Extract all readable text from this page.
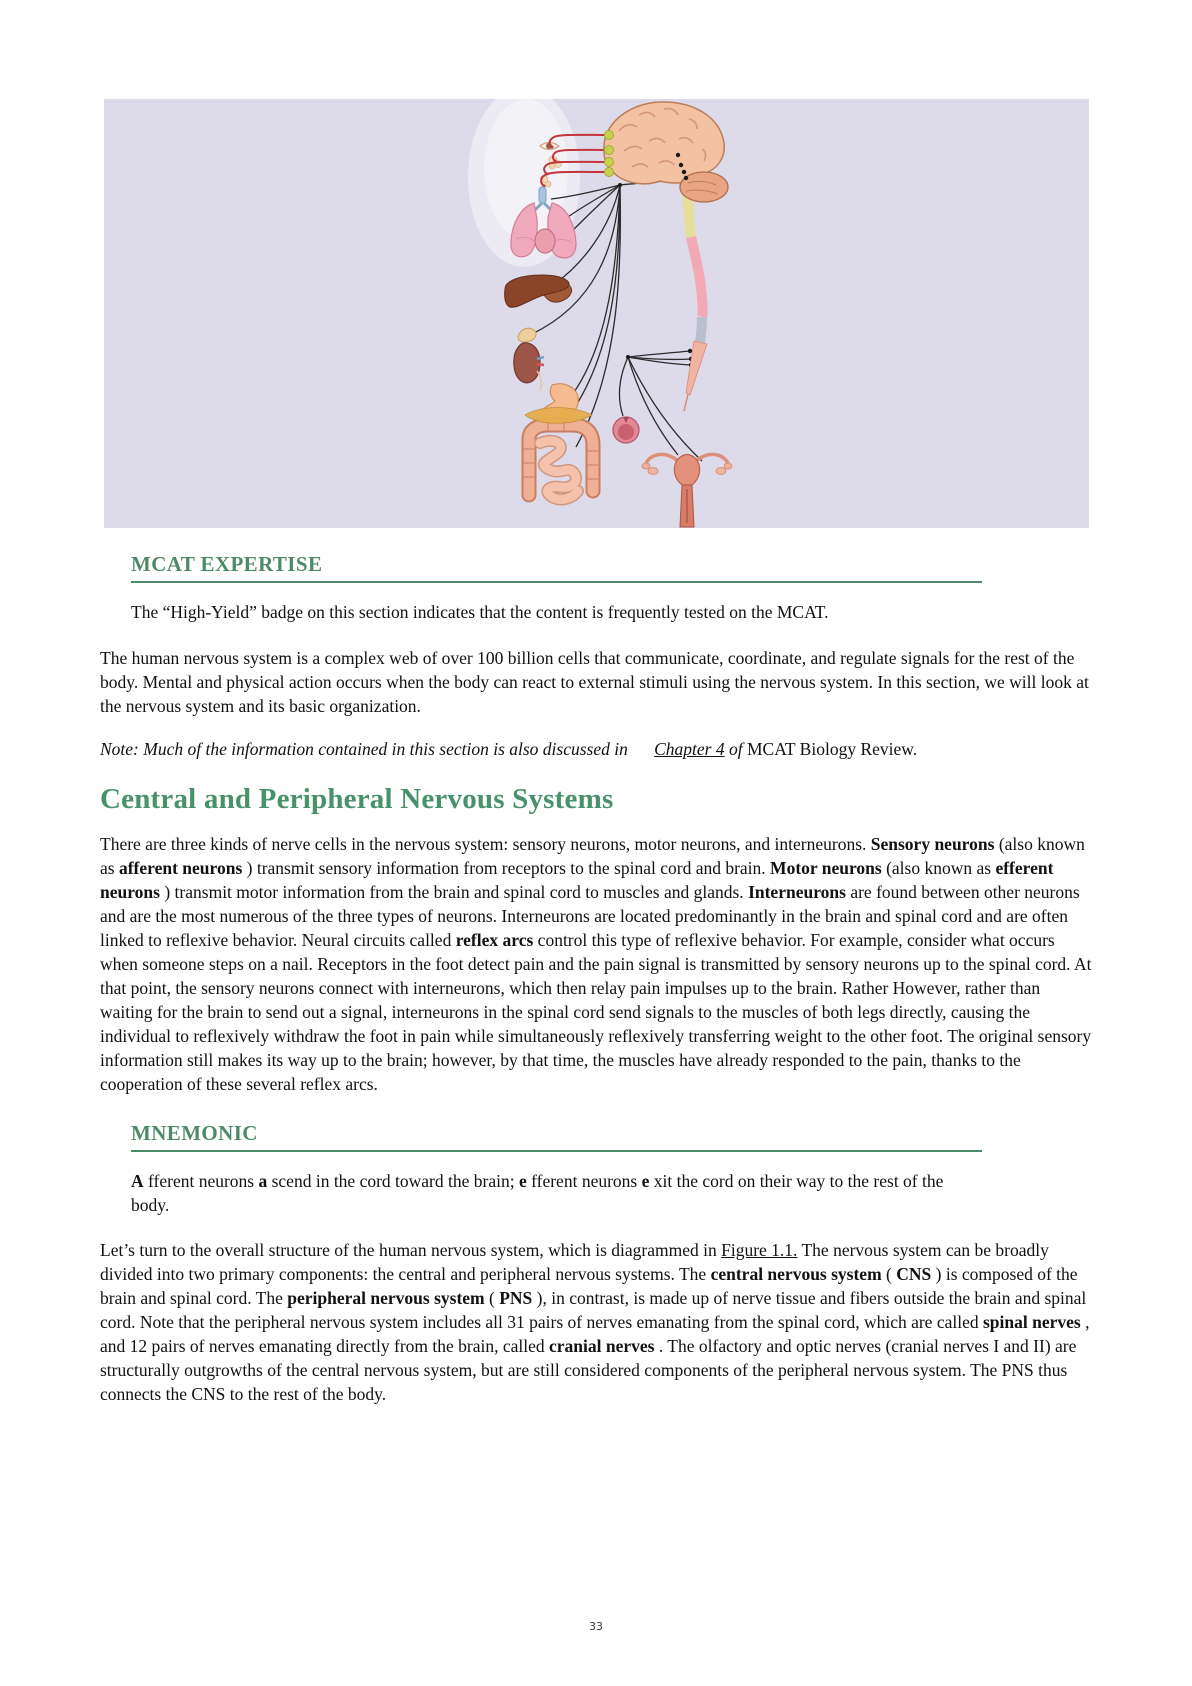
MCAT EXPERTISE

The “High-Yield” badge on this section indicates that the content is frequently tested on the MCAT.

The human nervous system is a complex web of over 100 billion cells that communicate, coordinate, and regulate signals for the rest of the body. Mental and physical action occurs when the body can react to external stimuli using the nervous system. In this section, we will look at the nervous system and its basic organization.

Note: Much of the information contained in this section is also discussed in Chapter 4 of MCAT Biology Review.

Central and Peripheral Nervous Systems

There are three kinds of nerve cells in the nervous system: sensory neurons, motor neurons, and interneurons. Sensory neurons (also known as afferent neurons ) transmit sensory information from receptors to the spinal cord and brain. Motor neurons (also known as efferent neurons ) transmit motor information from the brain and spinal cord to muscles and glands. Interneurons are found between other neurons and are the most numerous of the three types of neurons. Interneurons are located predominantly in the brain and spinal cord and are often linked to reflexive behavior. Neural circuits called reflex arcs control this type of reflexive behavior. For example, consider what occurs when someone steps on a nail. Receptors in the foot detect pain and the pain signal is transmitted by sensory neurons up to the spinal cord. At that point, the sensory neurons connect with interneurons, which then relay pain impulses up to the brain. Rather However, rather than waiting for the brain to send out a signal, interneurons in the spinal cord send signals to the muscles of both legs directly, causing the individual to reflexively withdraw the foot in pain while simultaneously reflexively transferring weight to the other foot. The original sensory information still makes its way up to the brain; however, by that time, the muscles have already responded to the pain, thanks to the cooperation of these several reflex arcs.

MNEMONIC

A fferent neurons a scend in the cord toward the brain; e fferent neurons e xit the cord on their way to the rest of the body.

Let’s turn to the overall structure of the human nervous system, which is diagrammed in Figure 1.1. The nervous system can be broadly divided into two primary components: the central and peripheral nervous systems. The central nervous system ( CNS ) is composed of the brain and spinal cord. The peripheral nervous system ( PNS ), in contrast, is made up of nerve tissue and fibers outside the brain and spinal cord. Note that the peripheral nervous system includes all 31 pairs of nerves emanating from the spinal cord, which are called spinal nerves , and 12 pairs of nerves emanating directly from the brain, called cranial nerves . The olfactory and optic nerves (cranial nerves I and II) are structurally outgrowths of the central nervous system, but are still considered components of the peripheral nervous system. The PNS thus connects the CNS to the rest of the body.

33
